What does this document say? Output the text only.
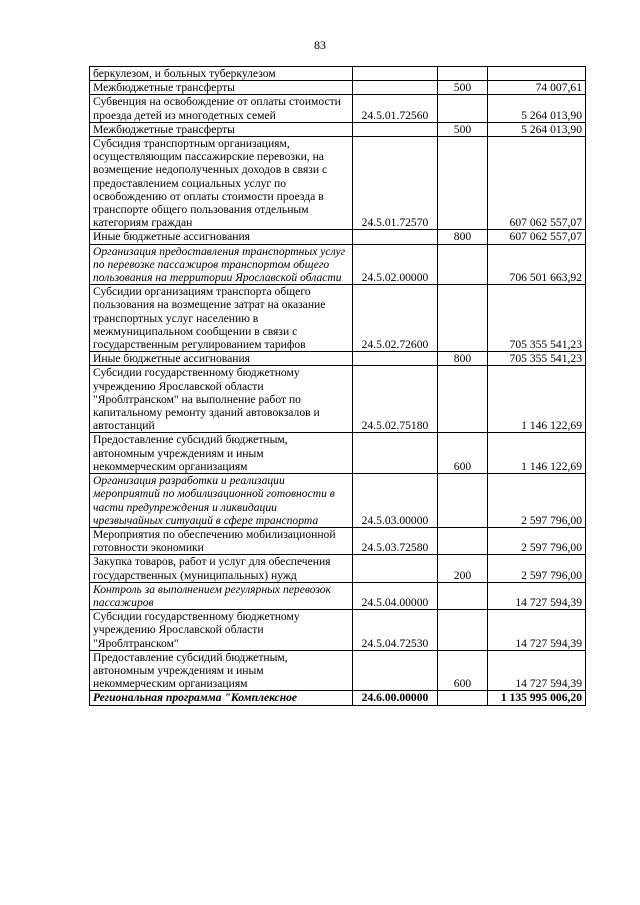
83
беркулезом, и больных туберкулезом			
Межбюджетные трансферты		500	74 007,61
Субвенция на освобождение от оплаты стоимости проезда детей из многодетных семей	24.5.01.72560		5 264 013,90
Межбюджетные трансферты		500	5 264 013,90
Субсидия транспортным организациям, осуществляющим пассажирские перевозки, на возмещение недополученных доходов в связи с предоставлением социальных услуг по освобождению от оплаты стоимости проезда в транспорте общего пользования отдельным категориям граждан	24.5.01.72570		607 062 557,07
Иные бюджетные ассигнования		800	607 062 557,07
Организация предоставления транспортных услуг по перевозке пассажиров транспортом общего пользования на территории Ярославской области	24.5.02.00000		706 501 663,92
Субсидии организациям транспорта общего пользования на возмещение затрат на оказание транспортных услуг населению в межмуниципальном сообщении в связи с государственным регулированием тарифов	24.5.02.72600		705 355 541,23
Иные бюджетные ассигнования		800	705 355 541,23
Субсидии государственному бюджетному учреждению Ярославской области "Яроблтранском" на выполнение работ по капитальному ремонту зданий автовокзалов и автостанций	24.5.02.75180		1 146 122,69
Предоставление субсидий бюджетным, автономным учреждениям и иным некоммерческим организациям		600	1 146 122,69
Организация разработки и реализации мероприятий по мобилизационной готовности в части предупреждения и ликвидации чрезвычайных ситуаций в сфере транспорта	24.5.03.00000		2 597 796,00
Мероприятия по обеспечению мобилизационной готовности экономики	24.5.03.72580		2 597 796,00
Закупка товаров, работ и услуг для обеспечения государственных (муниципальных) нужд		200	2 597 796,00
Контроль за выполнением регулярных перевозок пассажиров	24.5.04.00000		14 727 594,39
Субсидии государственному бюджетному учреждению Ярославской области "Яроблтранском"	24.5.04.72530		14 727 594,39
Предоставление субсидий бюджетным, автономным учреждениям и иным некоммерческим организациям		600	14 727 594,39
Региональная программа "Комплексное	24.6.00.00000		1 135 995 006,20
